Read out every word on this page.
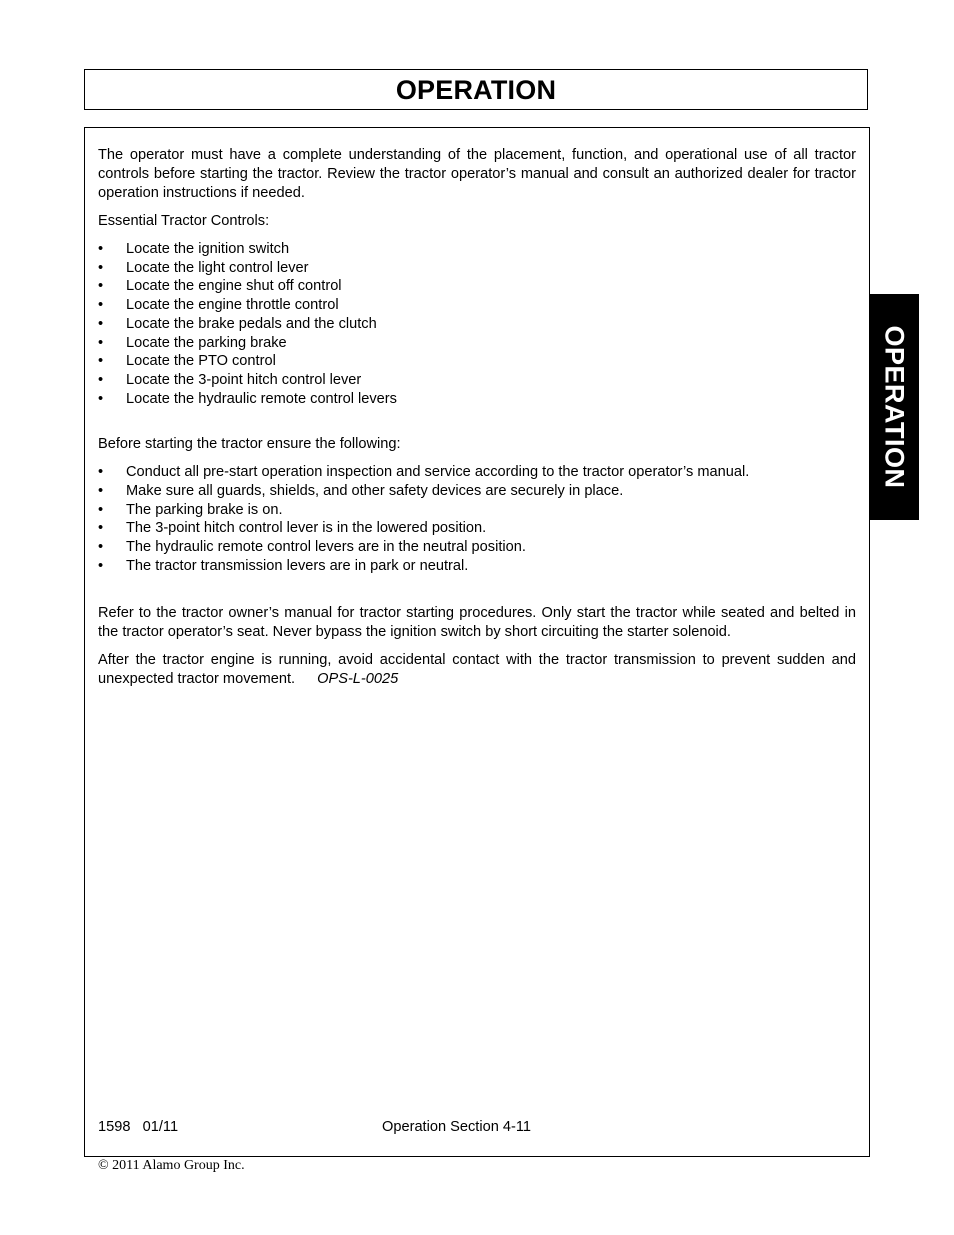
OPERATION
OPERATION

The operator must have a complete understanding of the placement, function, and operational use of all tractor controls before starting the tractor. Review the tractor operator’s manual and consult an authorized dealer for tractor operation instructions if needed.

Essential Tractor Controls:

• Locate the ignition switch
• Locate the light control lever
• Locate the engine shut off control
• Locate the engine throttle control
• Locate the brake pedals and the clutch
• Locate the parking brake
• Locate the PTO control
• Locate the 3-point hitch control lever
• Locate the hydraulic remote control levers

Before starting the tractor ensure the following:

• Conduct all pre-start operation inspection and service according to the tractor operator’s manual.
• Make sure all guards, shields, and other safety devices are securely in place.
• The parking brake is on.
• The 3-point hitch control lever is in the lowered position.
• The hydraulic remote control levers are in the neutral position.
• The tractor transmission levers are in park or neutral.

Refer to the tractor owner’s manual for tractor starting procedures. Only start the tractor while seated and belted in the tractor operator’s seat. Never bypass the ignition switch by short circuiting the starter solenoid.

After the tractor engine is running, avoid accidental contact with the tractor transmission to prevent sudden and unexpected tractor movement. OPS-L-0025

1598   01/11	Operation Section 4-11
© 2011 Alamo Group Inc.
